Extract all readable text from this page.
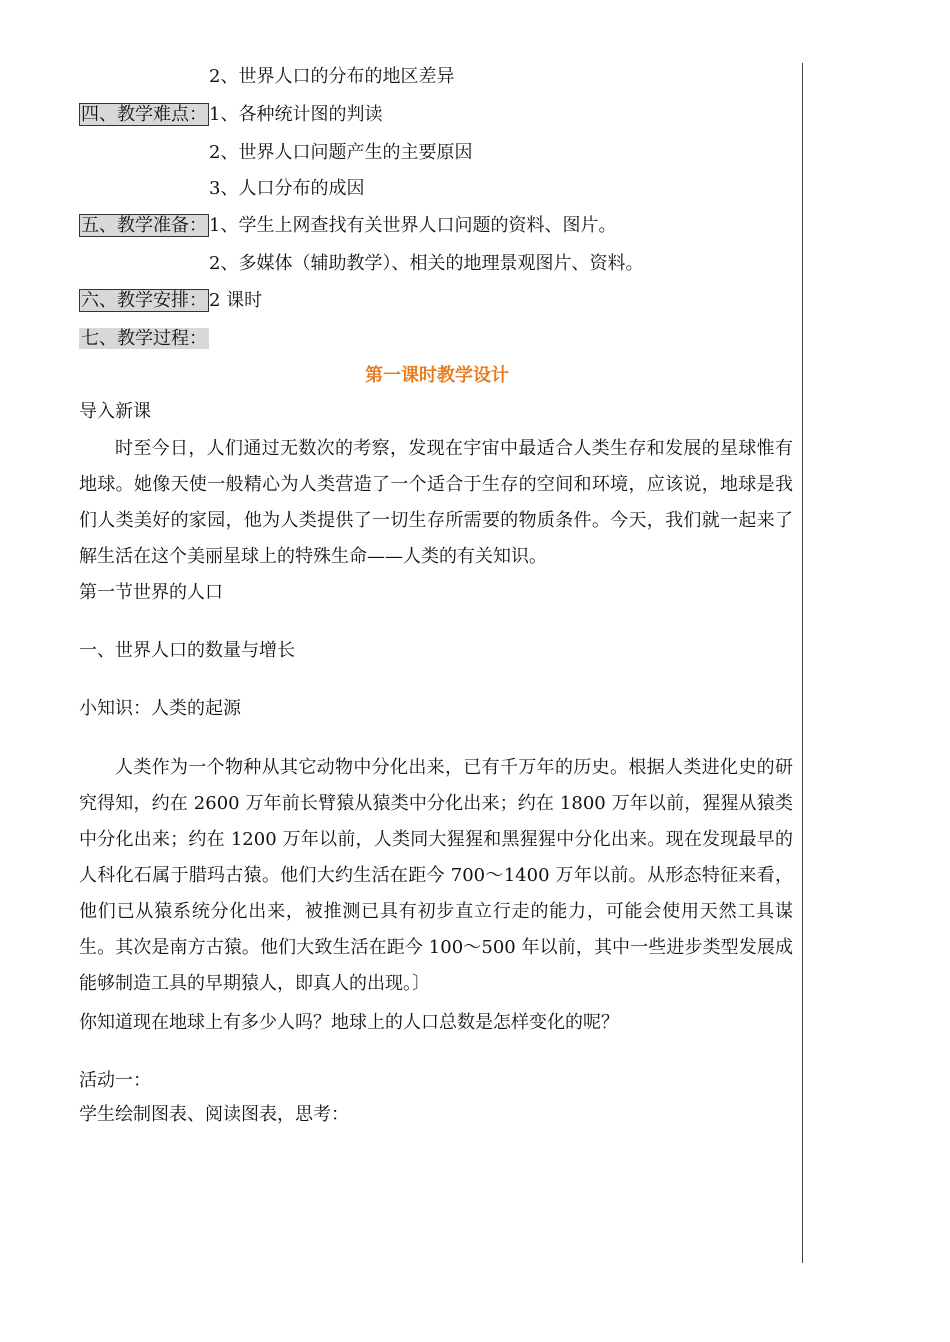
2、世界人口的分布的地区差异
四、教学难点： 1、各种统计图的判读
2、世界人口问题产生的主要原因
3、人口分布的成因
五、教学准备： 1、学生上网查找有关世界人口问题的资料、图片。
2、多媒体（辅助教学）、相关的地理景观图片、资料。
六、教学安排： 2 课时
七、教学过程：
第一课时教学设计
导入新课
时至今日，人们通过无数次的考察，发现在宇宙中最适合人类生存和发展的星球惟有地球。她像天使一般精心为人类营造了一个适合于生存的空间和环境，应该说，地球是我们人类美好的家园，他为人类提供了一切生存所需要的物质条件。今天，我们就一起来了解生活在这个美丽星球上的特殊生命——人类的有关知识。
第一节世界的人口
一、世界人口的数量与增长
小知识：人类的起源
人类作为一个物种从其它动物中分化出来，已有千万年的历史。根据人类进化史的研究得知，约在 2600 万年前长臂猿从猿类中分化出来；约在 1800 万年以前，猩猩从猿类中分化出来；约在 1200 万年以前，人类同大猩猩和黑猩猩中分化出来。现在发现最早的人科化石属于腊玛古猿。他们大约生活在距今 700～1400 万年以前。从形态特征来看，他们已从猿系统分化出来，被推测已具有初步直立行走的能力，可能会使用天然工具谋生。其次是南方古猿。他们大致生活在距今 100～500 年以前，其中一些进步类型发展成能够制造工具的早期猿人，即真人的出现。〕
你知道现在地球上有多少人吗？地球上的人口总数是怎样变化的呢？
活动一：
学生绘制图表、阅读图表，思考：
